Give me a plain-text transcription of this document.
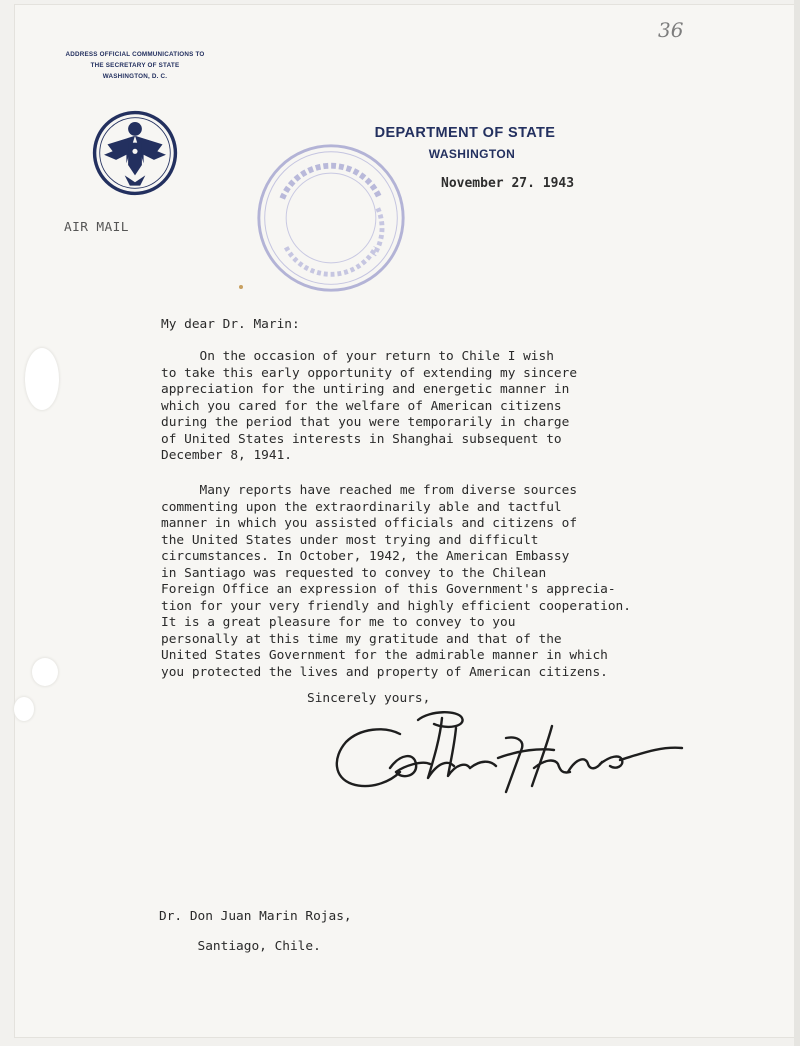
36
ADDRESS OFFICIAL COMMUNICATIONS TO
THE SECRETARY OF STATE
WASHINGTON, D. C.
DEPARTMENT OF STATE
WASHINGTON
November 27. 1943
AIR MAIL
My dear Dr. Marin:

On the occasion of your return to Chile I wish
to take this early opportunity of extending my sincere
appreciation for the untiring and energetic manner in
which you cared for the welfare of American citizens
during the period that you were temporarily in charge
of United States interests in Shanghai subsequent to
December 8, 1941.

Many reports have reached me from diverse sources
commenting upon the extraordinarily able and tactful
manner in which you assisted officials and citizens of
the United States under most trying and difficult
circumstances. In October, 1942, the American Embassy
in Santiago was requested to convey to the Chilean
Foreign Office an expression of this Government's apprecia-
tion for your very friendly and highly efficient cooperation.
It is a great pleasure for me to convey to you
personally at this time my gratitude and that of the
United States Government for the admirable manner in which
you protected the lives and property of American citizens.

Sincerely yours,
Dr. Don Juan Marin Rojas,
Santiago, Chile.
